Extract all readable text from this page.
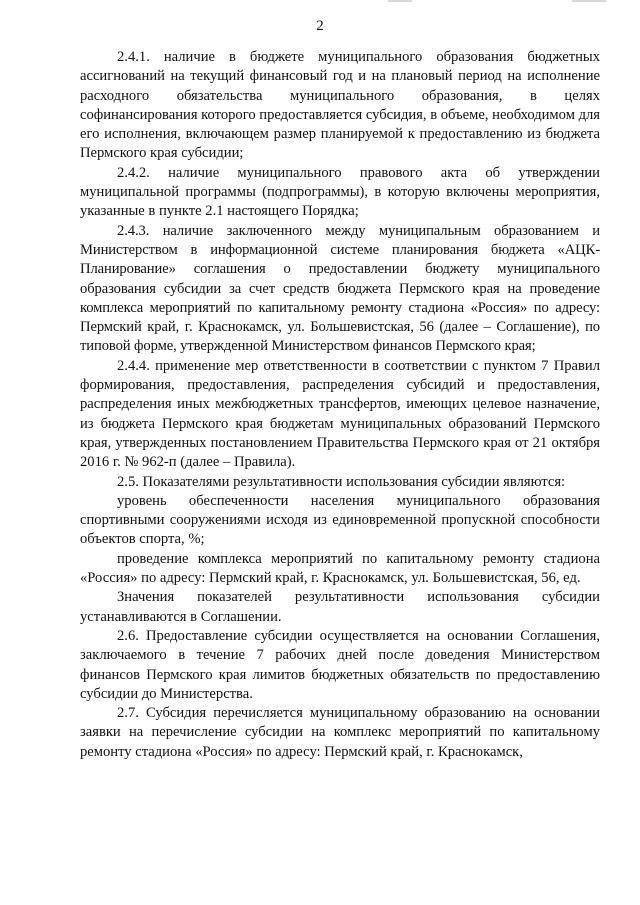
2

2.4.1. наличие в бюджете муниципального образования бюджетных ассигнований на текущий финансовый год и на плановый период на исполнение расходного обязательства муниципального образования, в целях софинансирования которого предоставляется субсидия, в объеме, необходимом для его исполнения, включающем размер планируемой к предоставлению из бюджета Пермского края субсидии;

2.4.2. наличие муниципального правового акта об утверждении муниципальной программы (подпрограммы), в которую включены мероприятия, указанные в пункте 2.1 настоящего Порядка;

2.4.3. наличие заключенного между муниципальным образованием и Министерством в информационной системе планирования бюджета «АЦК-Планирование» соглашения о предоставлении бюджету муниципального образования субсидии за счет средств бюджета Пермского края на проведение комплекса мероприятий по капитальному ремонту стадиона «Россия» по адресу: Пермский край, г. Краснокамск, ул. Большевистская, 56 (далее – Соглашение), по типовой форме, утвержденной Министерством финансов Пермского края;

2.4.4. применение мер ответственности в соответствии с пунктом 7 Правил формирования, предоставления, распределения субсидий и предоставления, распределения иных межбюджетных трансфертов, имеющих целевое назначение, из бюджета Пермского края бюджетам муниципальных образований Пермского края, утвержденных постановлением Правительства Пермского края от 21 октября 2016 г. № 962-п (далее – Правила).

2.5. Показателями результативности использования субсидии являются:

уровень обеспеченности населения муниципального образования спортивными сооружениями исходя из единовременной пропускной способности объектов спорта, %;

проведение комплекса мероприятий по капитальному ремонту стадиона «Россия» по адресу: Пермский край, г. Краснокамск, ул. Большевистская, 56, ед.

Значения показателей результативности использования субсидии устанавливаются в Соглашении.

2.6. Предоставление субсидии осуществляется на основании Соглашения, заключаемого в течение 7 рабочих дней после доведения Министерством финансов Пермского края лимитов бюджетных обязательств по предоставлению субсидии до Министерства.

2.7. Субсидия перечисляется муниципальному образованию на основании заявки на перечисление субсидии на комплекс мероприятий по капитальному ремонту стадиона «Россия» по адресу: Пермский край, г. Краснокамск,
